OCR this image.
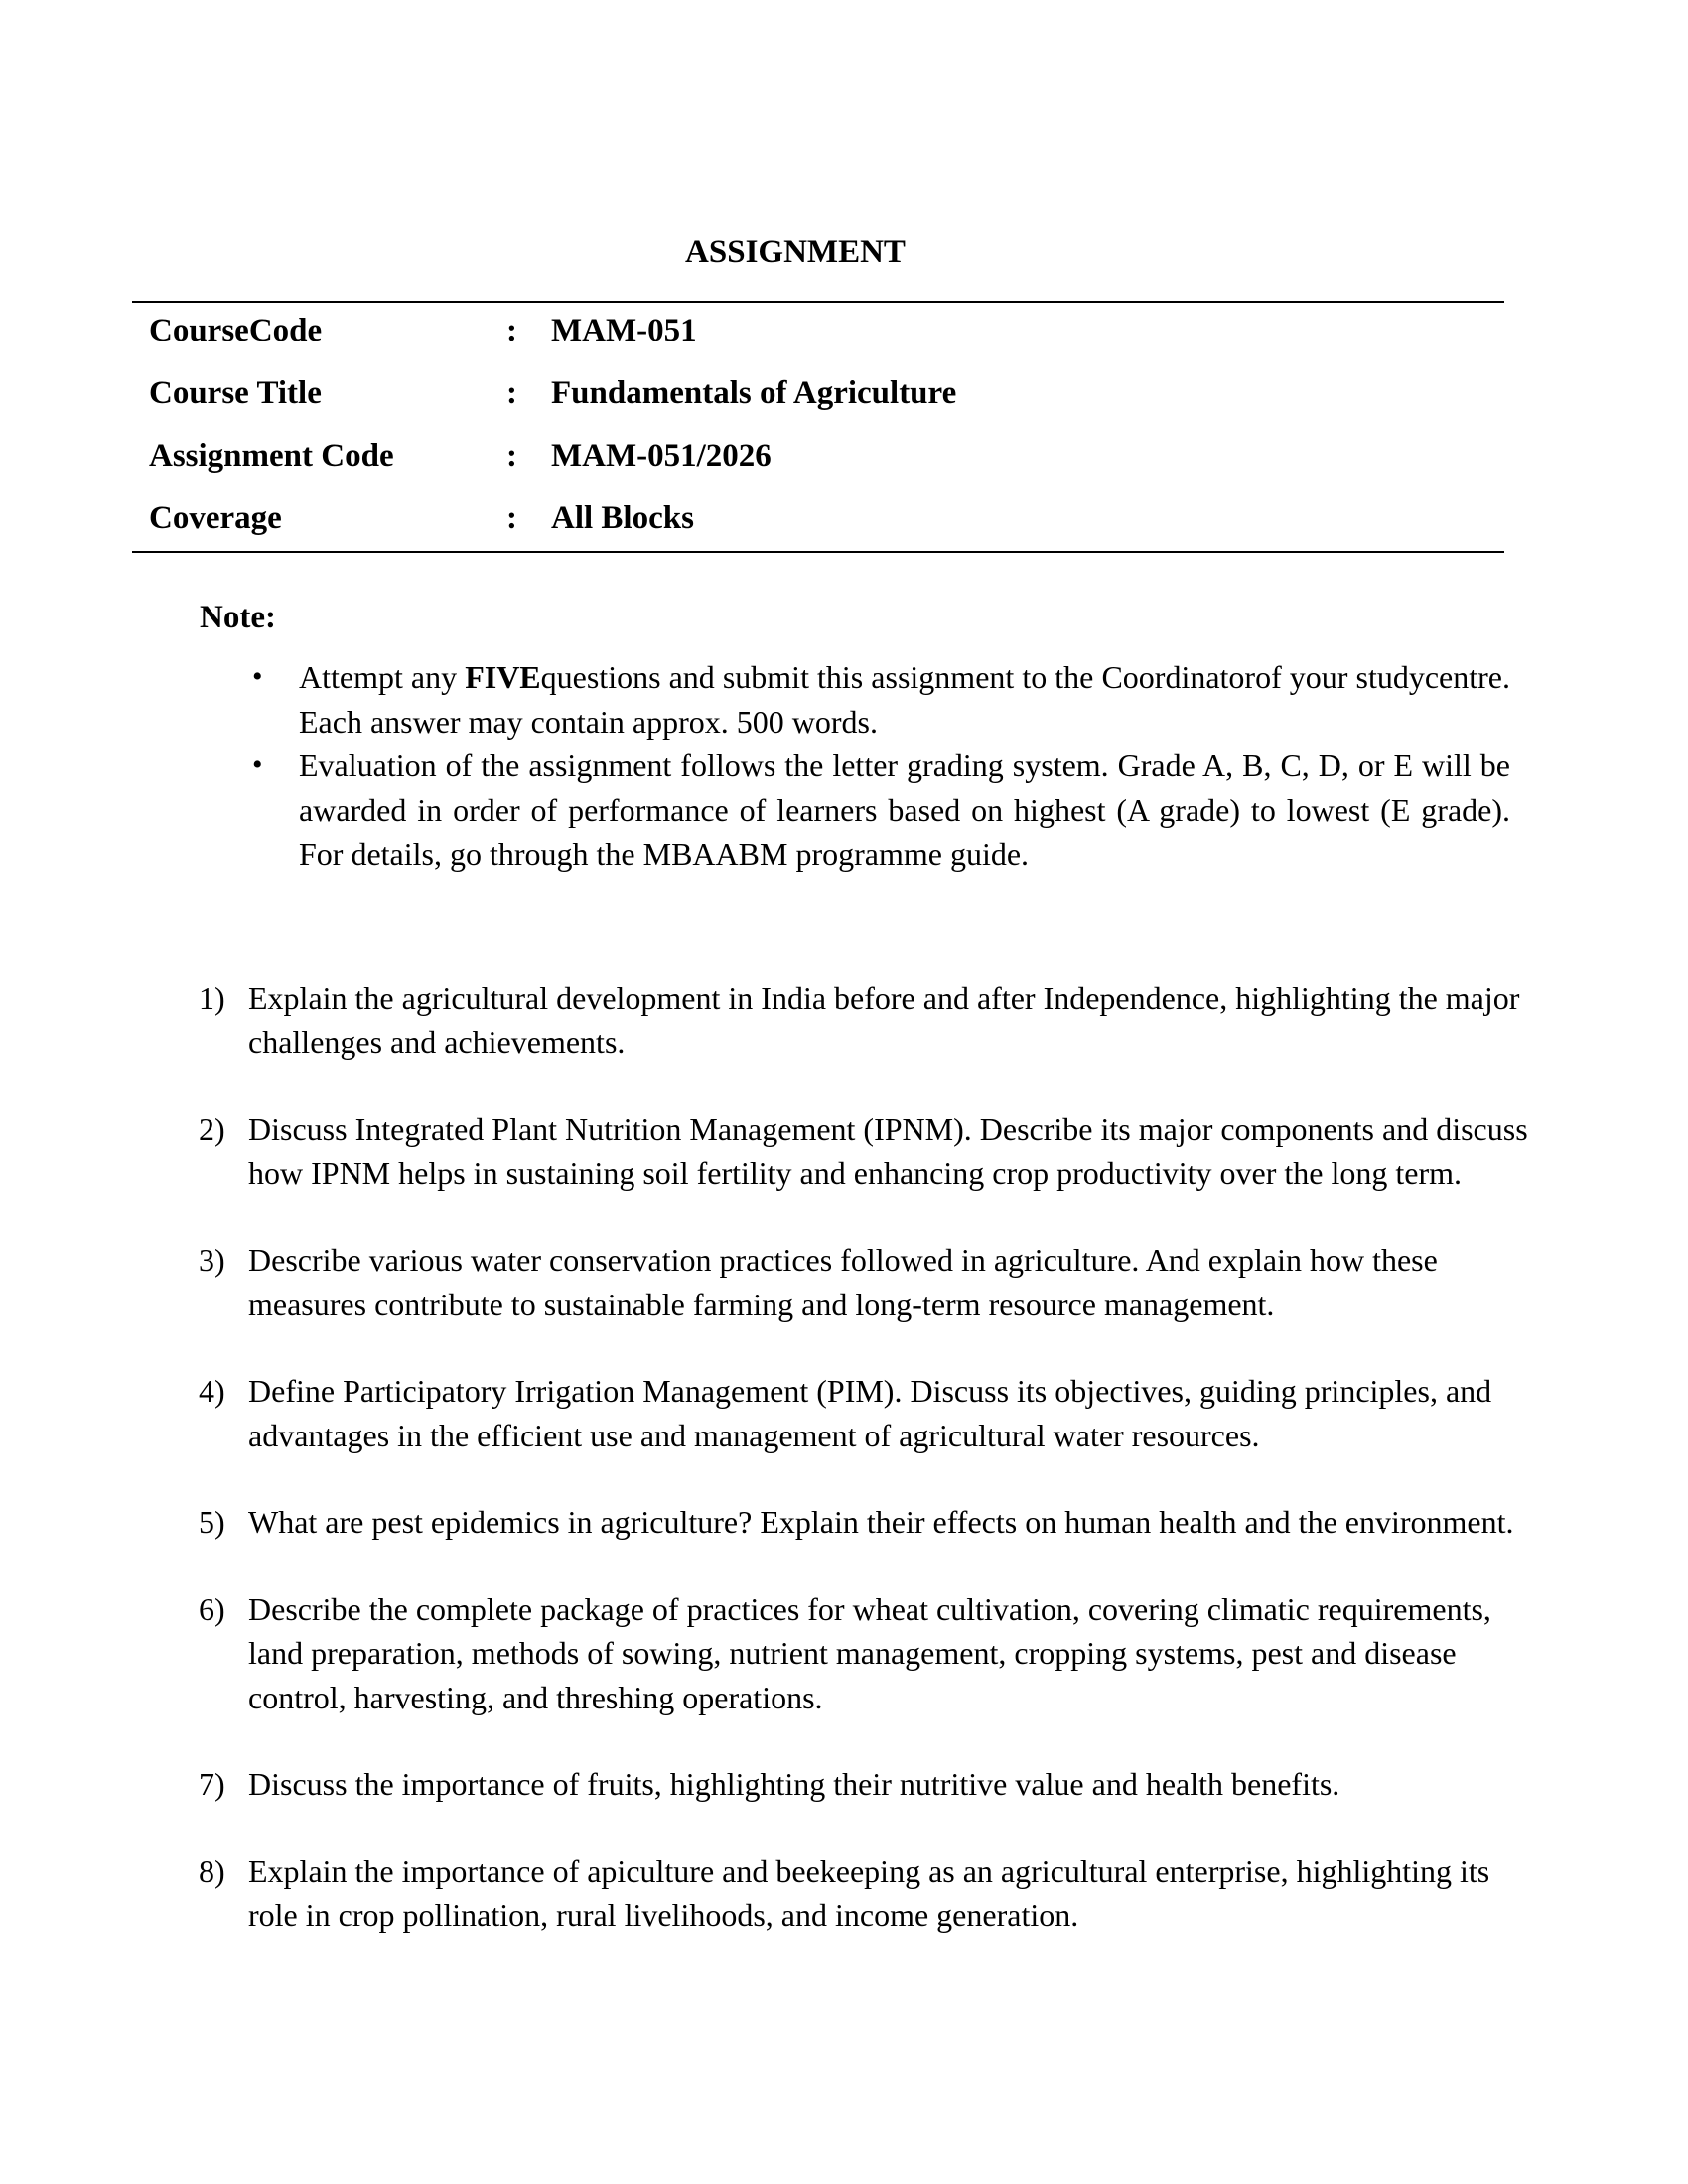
ASSIGNMENT
CourseCode	: MAM-051
Course Title	: Fundamentals of Agriculture
Assignment Code	: MAM-051/2026
Coverage	: All Blocks
Note:
• Attempt any FIVEquestions and submit this assignment to the Coordinatorof your studycentre. Each answer may contain approx. 500 words.
• Evaluation of the assignment follows the letter grading system. Grade A, B, C, D, or E will be awarded in order of performance of learners based on highest (A grade) to lowest (E grade). For details, go through the MBAABM programme guide.
1) Explain the agricultural development in India before and after Independence, highlighting the major challenges and achievements.
2) Discuss Integrated Plant Nutrition Management (IPNM). Describe its major components and discuss how IPNM helps in sustaining soil fertility and enhancing crop productivity over the long term.
3) Describe various water conservation practices followed in agriculture. And explain how these measures contribute to sustainable farming and long-term resource management.
4) Define Participatory Irrigation Management (PIM). Discuss its objectives, guiding principles, and advantages in the efficient use and management of agricultural water resources.
5) What are pest epidemics in agriculture? Explain their effects on human health and the environment.
6) Describe the complete package of practices for wheat cultivation, covering climatic requirements, land preparation, methods of sowing, nutrient management, cropping systems, pest and disease control, harvesting, and threshing operations.
7) Discuss the importance of fruits, highlighting their nutritive value and health benefits.
8) Explain the importance of apiculture and beekeeping as an agricultural enterprise, highlighting its role in crop pollination, rural livelihoods, and income generation.
